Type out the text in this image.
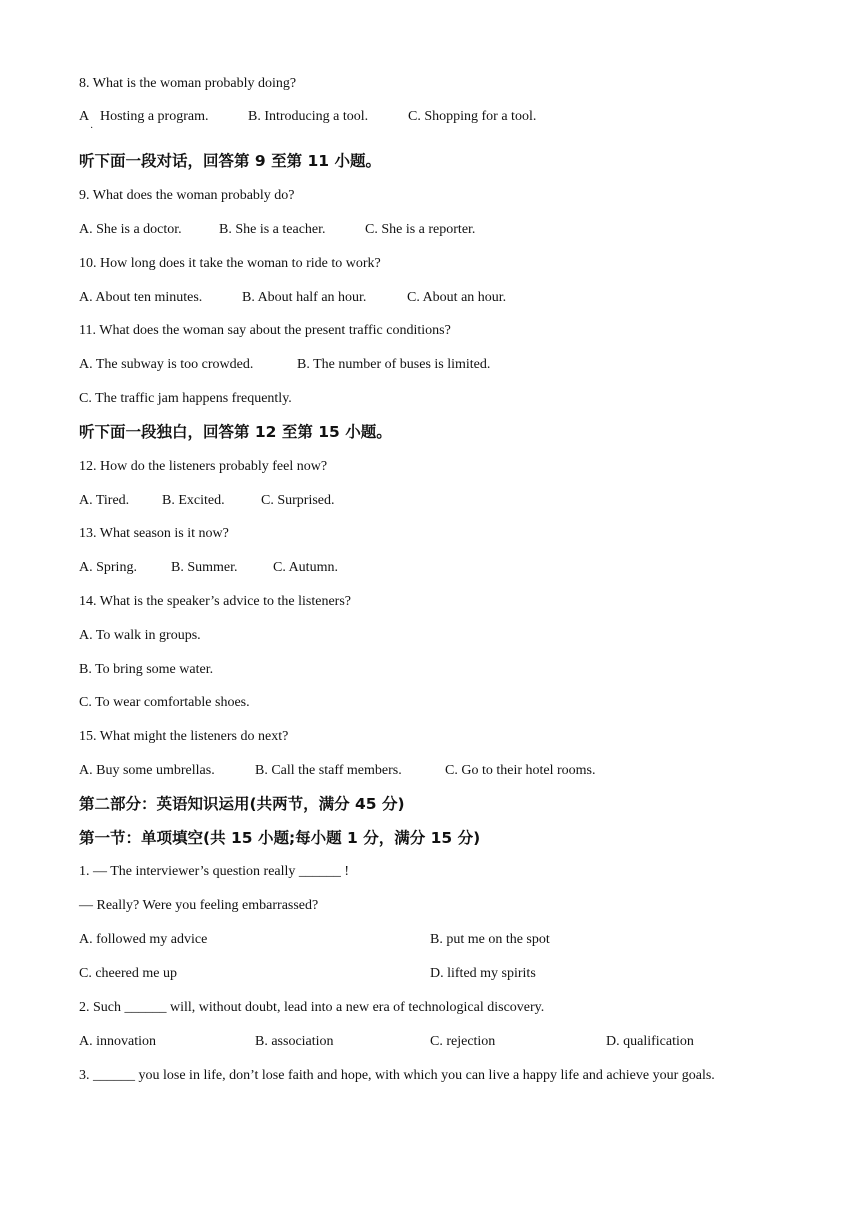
8. What is the woman probably doing?
A
·
Hosting a program.	B. Introducing a tool.	C. Shopping for a tool.
听下面一段对话，回答第 9 至第 11 小题。
9. What does the woman probably do?
A. She is a doctor.	B. She is a teacher.	C. She is a reporter.
10. How long does it take the woman to ride to work?
A. About ten minutes.	B. About half an hour.	C. About an hour.
11. What does the woman say about the present traffic conditions?
A. The subway is too crowded.	B. The number of buses is limited.
C. The traffic jam happens frequently.
听下面一段独白，回答第 12 至第 15 小题。
12. How do the listeners probably feel now?
A. Tired. B. Excited.	C. Surprised.
13. What season is it now?
A. Spring. B. Summer.	C. Autumn.
14. What is the speaker’s advice to the listeners?
A. To walk in groups.
B. To bring some water.
C. To wear comfortable shoes.
15. What might the listeners do next?
A. Buy some umbrellas.	B. Call the staff members.	C. Go to their hotel rooms.
第二部分：英语知识运用(共两节，满分 45 分)
第一节：单项填空(共 15 小题;每小题 1 分，满分 15 分)
1. — The interviewer’s question really ______ !
— Really? Were you feeling embarrassed?
A. followed my advice	B. put me on the spot
C. cheered me up	D. lifted my spirits
2. Such ______ will, without doubt, lead into a new era of technological discovery.
A. innovation	B. association	C. rejection	D. qualification
3. ______ you lose in life, don’t lose faith and hope, with which you can live a happy life and achieve your goals.
